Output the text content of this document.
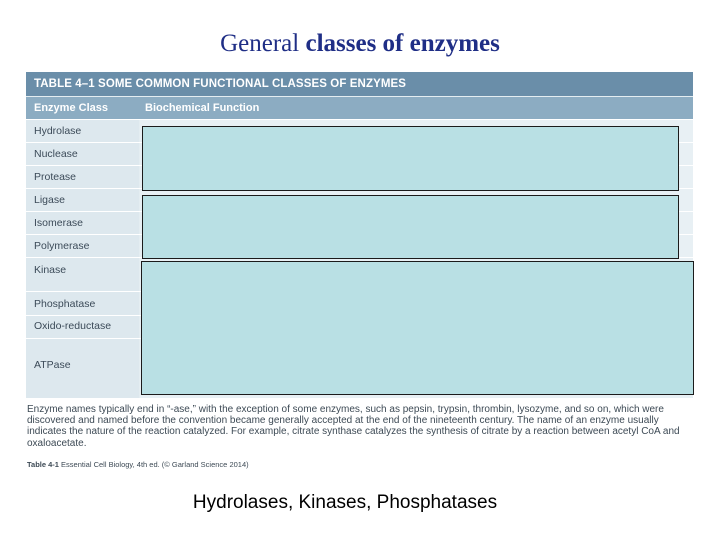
General classes of enzymes
TABLE 4–1 SOME COMMON FUNCTIONAL CLASSES OF ENZYMES
Enzyme Class	Biochemical Function
Hydrolase
Nuclease
Protease
Ligase
Isomerase
Polymerase
Kinase
Phosphatase
Oxido-reductase
ATPase
Enzyme names typically end in “-ase,” with the exception of some enzymes, such as pepsin, trypsin, thrombin, lysozyme, and so on, which were discovered and named before the convention became generally accepted at the end of the nineteenth century. The name of an enzyme usually indicates the nature of the reaction catalyzed. For example, citrate synthase catalyzes the synthesis of citrate by a reaction between acetyl CoA and oxaloacetate.
Table 4-1 Essential Cell Biology, 4th ed. (© Garland Science 2014)
Hydrolases, Kinases, Phosphatases
